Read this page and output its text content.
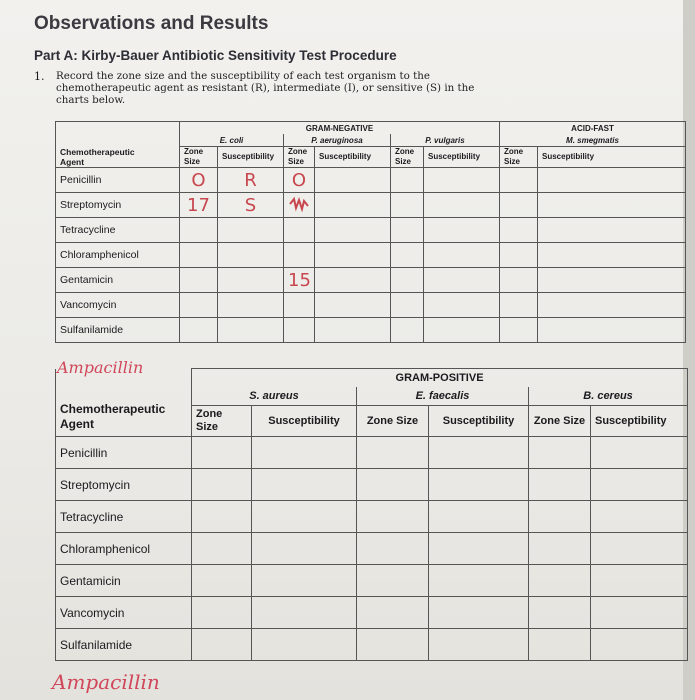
Observations and Results
Part A: Kirby-Bauer Antibiotic Sensitivity Test Procedure
1. Record the zone size and the susceptibility of each test organism to the chemotherapeutic agent as resistant (R), intermediate (I), or sensitive (S) in the charts below.
Chemotherapeutic Agent	GRAM-NEGATIVE						ACID-FAST	
	E. coli		P. aeruginosa		P. vulgaris		M. smegmatis	
	Zone Size	Susceptibility	Zone Size	Susceptibility	Zone Size	Susceptibility	Zone Size	Susceptibility
Penicillin	O	R	O					
Streptomycin	17	S						
Tetracycline								
Chloramphenicol								
Gentamicin			15					
Vancomycin								
Sulfanilamide								
Ampacillin
Chemotherapeutic Agent	GRAM-POSITIVE					
	S. aureus		E. faecalis		B. cereus	
	Zone Size	Susceptibility	Zone Size	Susceptibility	Zone Size	Susceptibility
Penicillin						
Streptomycin						
Tetracycline						
Chloramphenicol						
Gentamicin						
Vancomycin						
Sulfanilamide						
Ampacillin
